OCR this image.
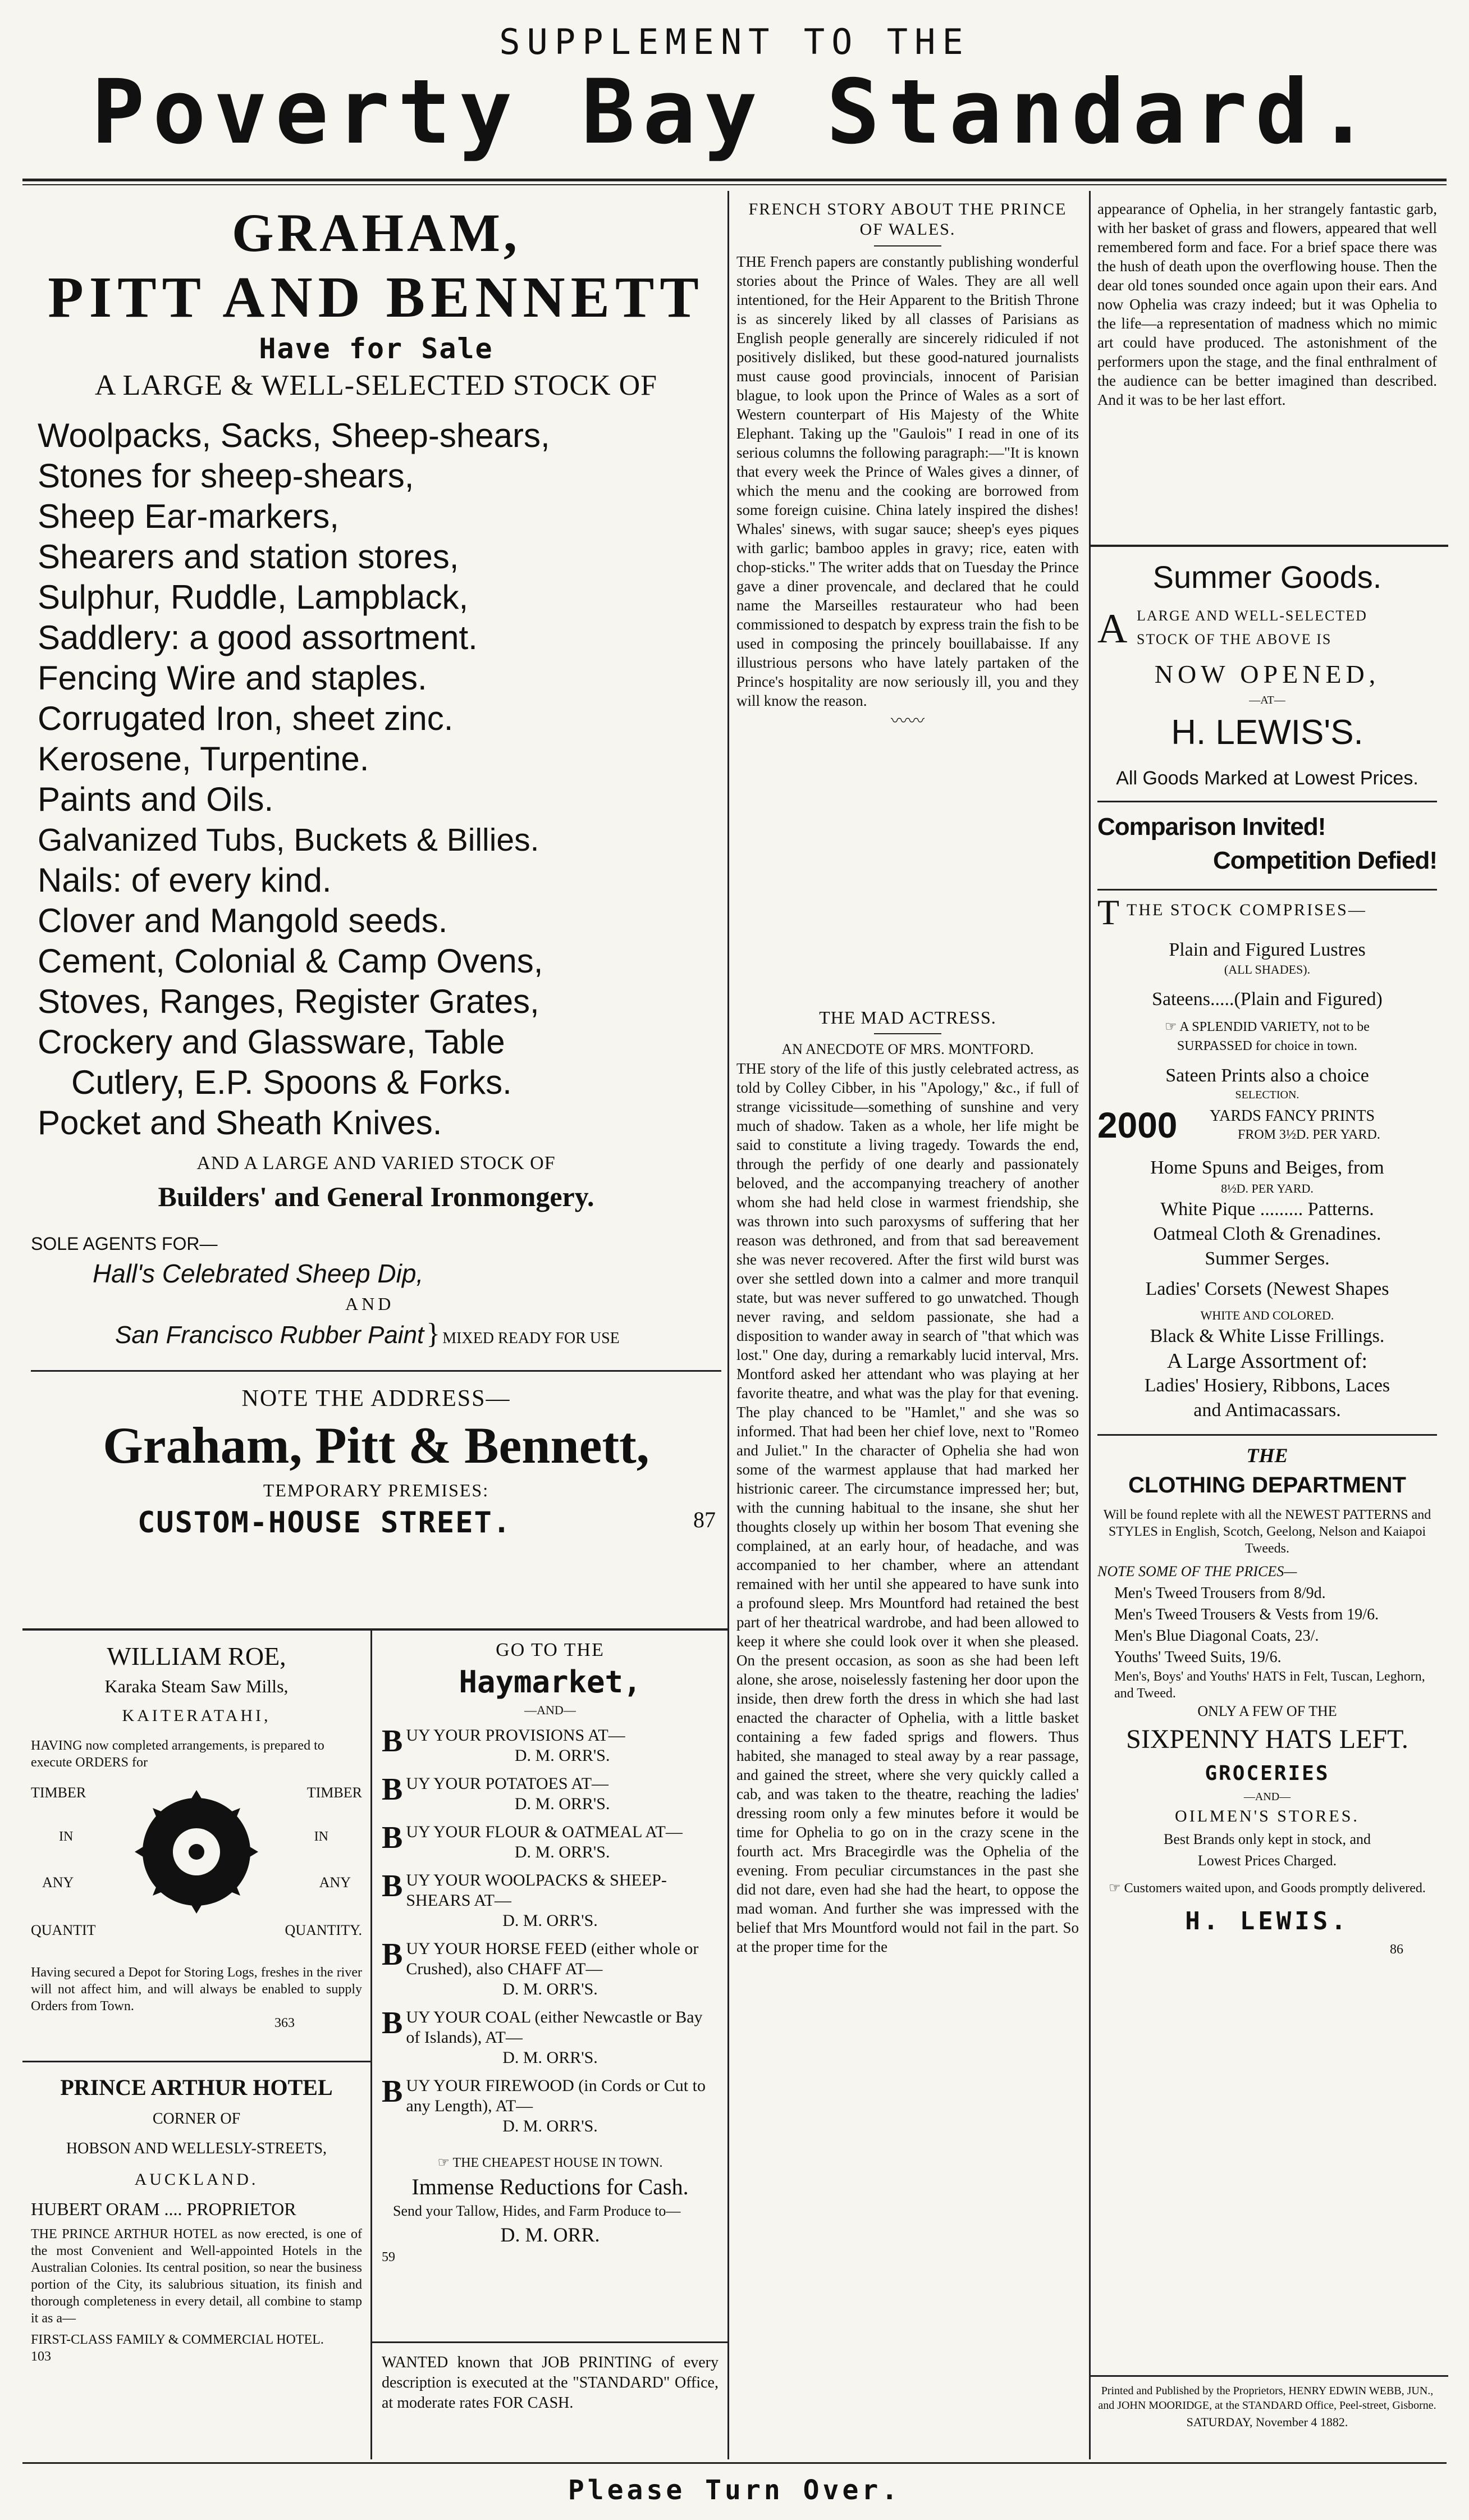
SUPPLEMENT TO THE
Poverty Bay Standard.
GRAHAM,
PITT AND BENNETT
Have for Sale
A LARGE & WELL-SELECTED STOCK OF
Woolpacks, Sacks, Sheep-shears,
Stones for sheep-shears,
Sheep Ear-markers,
Shearers and station stores,
Sulphur, Ruddle, Lampblack,
Saddlery: a good assortment.
Fencing Wire and staples.
Corrugated Iron, sheet zinc.
Kerosene, Turpentine.
Paints and Oils.
Galvanized Tubs, Buckets & Billies.
Nails: of every kind.
Clover and Mangold seeds.
Cement, Colonial & Camp Ovens,
Stoves, Ranges, Register Grates,
Crockery and Glassware, Table
Cutlery, E.P. Spoons & Forks.
Pocket and Sheath Knives.
AND A LARGE AND VARIED STOCK OF
Builders' and General Ironmongery.
SOLE AGENTS FOR—
Hall's Celebrated Sheep Dip,
AND
San Francisco Rubber Paint } MIXED READY FOR USE
NOTE THE ADDRESS—
Graham, Pitt & Bennett,
TEMPORARY PREMISES:
CUSTOM-HOUSE STREET.	87
WILLIAM ROE,
Karaka Steam Saw Mills,
KAITERATAHI,
HAVING now completed arrangements, is prepared to execute ORDERS for
TIMBER	TIMBER
IN	IN
ANY	ANY
QUANTIT	QUANTITY.
Having secured a Depot for Storing Logs, freshes in the river will not affect him, and will always be enabled to supply Orders from Town.
363
PRINCE ARTHUR HOTEL
CORNER OF
HOBSON AND WELLESLY-STREETS,
AUCKLAND.
HUBERT ORAM .... PROPRIETOR
THE PRINCE ARTHUR HOTEL as now erected, is one of the most Convenient and Well-appointed Hotels in the Australian Colonies. Its central position, so near the business portion of the City, its salubrious situation, its finish and thorough completeness in every detail, all combine to stamp it as a—
FIRST-CLASS FAMILY & COMMERCIAL HOTEL.
103
GO TO THE
Haymarket,
—AND—
BUY YOUR PROVISIONS AT—
D. M. ORR'S.
BUY YOUR POTATOES AT—
D. M. ORR'S.
BUY YOUR FLOUR & OATMEAL AT—
D. M. ORR'S.
BUY YOUR WOOLPACKS & SHEEP-SHEARS AT—
D. M. ORR'S.
BUY YOUR HORSE FEED (either whole or Crushed), also CHAFF AT—
D. M. ORR'S.
BUY YOUR COAL (either Newcastle or Bay of Islands), AT—
D. M. ORR'S.
BUY YOUR FIREWOOD (in Cords or Cut to any Length), AT—
D. M. ORR'S.
☞ THE CHEAPEST HOUSE IN TOWN.
Immense Reductions for Cash.
Send your Tallow, Hides, and Farm Produce to—
D. M. ORR.
59
WANTED known that JOB PRINTING of every description is executed at the "STANDARD" Office, at moderate rates FOR CASH.
FRENCH STORY ABOUT THE PRINCE OF WALES.
THE French papers are constantly publishing wonderful stories about the Prince of Wales. They are all well intentioned, for the Heir Apparent to the British Throne is as sincerely liked by all classes of Parisians as English people generally are sincerely ridiculed if not positively disliked, but these good-natured journalists must cause good provincials, innocent of Parisian blague, to look upon the Prince of Wales as a sort of Western counterpart of His Majesty of the White Elephant. Taking up the "Gaulois" I read in one of its serious columns the following paragraph:—"It is known that every week the Prince of Wales gives a dinner, of which the menu and the cooking are borrowed from some foreign cuisine. China lately inspired the dishes! Whales' sinews, with sugar sauce; sheep's eyes piques with garlic; bamboo apples in gravy; rice, eaten with chop-sticks." The writer adds that on Tuesday the Prince gave a diner provencale, and declared that he could name the Marseilles restaurateur who had been commissioned to despatch by express train the fish to be used in composing the princely bouillabaisse. If any illustrious persons who have lately partaken of the Prince's hospitality are now seriously ill, you and they will know the reason.
〰〰
THE MAD ACTRESS.
AN ANECDOTE OF MRS. MONTFORD.
THE story of the life of this justly celebrated actress, as told by Colley Cibber, in his "Apology," &c., if full of strange vicissitude—something of sunshine and very much of shadow. Taken as a whole, her life might be said to constitute a living tragedy. Towards the end, through the perfidy of one dearly and passionately beloved, and the accompanying treachery of another whom she had held close in warmest friendship, she was thrown into such paroxysms of suffering that her reason was dethroned, and from that sad bereavement she was never recovered. After the first wild burst was over she settled down into a calmer and more tranquil state, but was never suffered to go unwatched. Though never raving, and seldom passionate, she had a disposition to wander away in search of "that which was lost." One day, during a remarkably lucid interval, Mrs. Montford asked her attendant who was playing at her favorite theatre, and what was the play for that evening. The play chanced to be "Hamlet," and she was so informed. That had been her chief love, next to "Romeo and Juliet." In the character of Ophelia she had won some of the warmest applause that had marked her histrionic career. The circumstance impressed her; but, with the cunning habitual to the insane, she shut her thoughts closely up within her bosom That evening she complained, at an early hour, of headache, and was accompanied to her chamber, where an attendant remained with her until she appeared to have sunk into a profound sleep. Mrs Mountford had retained the best part of her theatrical wardrobe, and had been allowed to keep it where she could look over it when she pleased. On the present occasion, as soon as she had been left alone, she arose, noiselessly fastening her door upon the inside, then drew forth the dress in which she had last enacted the character of Ophelia, with a little basket containing a few faded sprigs and flowers. Thus habited, she managed to steal away by a rear passage, and gained the street, where she very quickly called a cab, and was taken to the theatre, reaching the ladies' dressing room only a few minutes before it would be time for Ophelia to go on in the crazy scene in the fourth act. Mrs Bracegirdle was the Ophelia of the evening. From peculiar circumstances in the past she did not dare, even had she had the heart, to oppose the mad woman. And further she was impressed with the belief that Mrs Mountford would not fail in the part. So at the proper time for the
appearance of Ophelia, in her strangely fantastic garb, with her basket of grass and flowers, appeared that well remembered form and face. For a brief space there was the hush of death upon the overflowing house. Then the dear old tones sounded once again upon their ears. And now Ophelia was crazy indeed; but it was Ophelia to the life—a representation of madness which no mimic art could have produced. The astonishment of the performers upon the stage, and the final enthralment of the audience can be better imagined than described. And it was to be her last effort.
Summer Goods.
A LARGE AND WELL-SELECTED
STOCK OF THE ABOVE IS
NOW OPENED,
—AT—
H. LEWIS'S.
All Goods Marked at Lowest Prices.
Comparison Invited!
Competition Defied!
T THE STOCK COMPRISES—
Plain and Figured Lustres
(ALL SHADES).
Sateens.....(Plain and Figured)
☞ A SPLENDID VARIETY, not to be
SURPASSED for choice in town.
Sateen Prints also a choice
SELECTION.
2000 YARDS FANCY PRINTS
FROM 3½D. PER YARD.
Home Spuns and Beiges, from
8½D. PER YARD.
White Pique ......... Patterns.
Oatmeal Cloth & Grenadines.
Summer Serges.
Ladies' Corsets (Newest Shapes
WHITE AND COLORED.
Black & White Lisse Frillings.
A Large Assortment of:
Ladies' Hosiery, Ribbons, Laces
and Antimacassars.
THE
CLOTHING DEPARTMENT
Will be found replete with all the NEWEST PATTERNS and STYLES in English, Scotch, Geelong, Nelson and Kaiapoi Tweeds.
NOTE SOME OF THE PRICES—
Men's Tweed Trousers from 8/9d.
Men's Tweed Trousers & Vests from 19/6.
Men's Blue Diagonal Coats, 23/.
Youths' Tweed Suits, 19/6.
Men's, Boys' and Youths' HATS in Felt, Tuscan, Leghorn, and Tweed.
ONLY A FEW OF THE
SIXPENNY HATS LEFT.
GROCERIES
—AND—
OILMEN'S STORES.
Best Brands only kept in stock, and
Lowest Prices Charged.
☞ Customers waited upon, and Goods promptly delivered.
H. LEWIS.
86
Printed and Published by the Proprietors, HENRY EDWIN WEBB, JUN., and JOHN MOORIDGE, at the STANDARD Office, Peel-street, Gisborne.
SATURDAY, November 4 1882.
Please Turn Over.
